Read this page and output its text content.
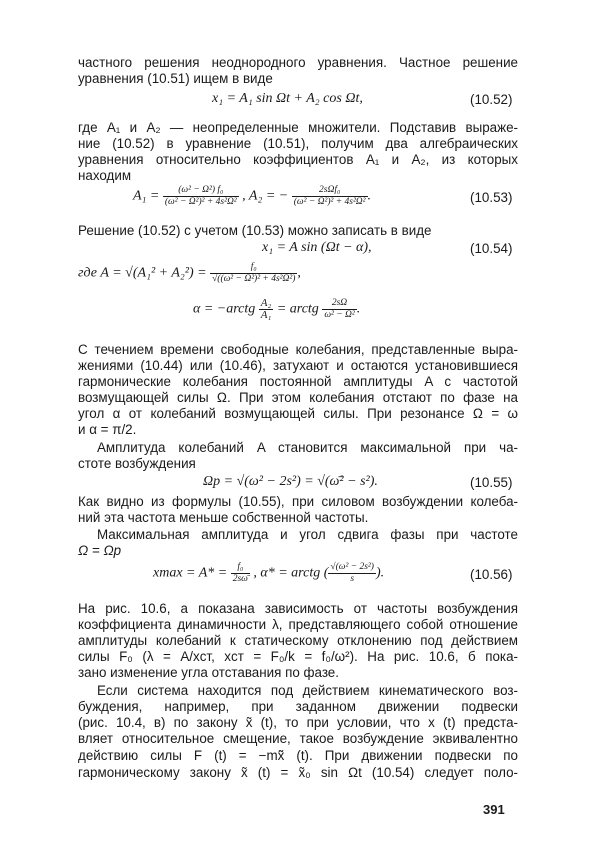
частного решения неоднородного уравнения. Частное решение
уравнения (10.51) ищем в виде
x₁ = A₁ sin Ωt + A₂ cos Ωt,	(10.52)
где A₁ и A₂ — неопределенные множители. Подставив выраже-
ние (10.52) в уравнение (10.51), получим два алгебраических
уравнения относительно коэффициентов A₁ и A₂, из которых
находим
$A_1 = \frac{\text{(ω² − Ω²) f₀}}{\text{(ω² − Ω²)² + 4s²Ω²}}$ , A₂ = − $\frac{\text{2sΩf₀}}{\text{(ω² − Ω²)² + 4s²Ω²}}$ .	(10.53)
Решение (10.52) с учетом (10.53) можно записать в виде
x₁ = A sin (Ωt − α),	(10.54)
где $A = √(A_1^2 + A_2^2) = \frac{\text{f₀}}{\text{√((ω² − Ω²)² + 4s²Ω²)}}$ ,
α = −arctg $\frac{\text{A₂}}{\text{A₁}}$ = arctg $\frac{2s\Omega}{\text{ω² − Ω²}}$ .
С течением времени свободные колебания, представленные выра-
жениями (10.44) или (10.46), затухают и остаются установившиеся
гармонические колебания постоянной амплитуды A с частотой
возмущающей силы Ω. При этом колебания отстают по фазе на
угол α от колебаний возмущающей силы. При резонансе Ω = ω
и α = π/2.
Амплитуда колебаний A становится максимальной при ча-
стоте возбуждения
Ωp = √(ω² − 2s²) = √(ω̄² − s²).	(10.55)
Как видно из формулы (10.55), при силовом возбуждении колеба-
ний эта частота меньше собственной частоты.
Максимальная амплитуда и угол сдвига фазы при частоте
Ω = Ωp
$xmax = A* = \frac{\text{f₀}}{2s\omegā}$ , α* = arctg ( $\frac{\text{√(ω² − 2s²)}}{s}$ ).	(10.56)
На рис. 10.6, а показана зависимость от частоты возбуждения
коэффициента динамичности λ, представляющего собой отношение
амплитуды колебаний к статическому отклонению под действием
силы F₀ (λ = A/xст, xст = F₀/k = f₀/ω²). На рис. 10.6, б пока-
зано изменение угла отставания по фазе.
Если система находится под действием кинематического воз-
буждения, например, при заданном движении подвески
(рис. 10.4, в) по закону x̃ (t), то при условии, что x (t) предста-
вляет относительное смещение, такое возбуждение эквивалентно
действию силы F (t) = −mẍ̃ (t). При движении подвески по
гармоническому закону x̃ (t) = x̃₀ sin Ωt (10.54) следует поло-
391
